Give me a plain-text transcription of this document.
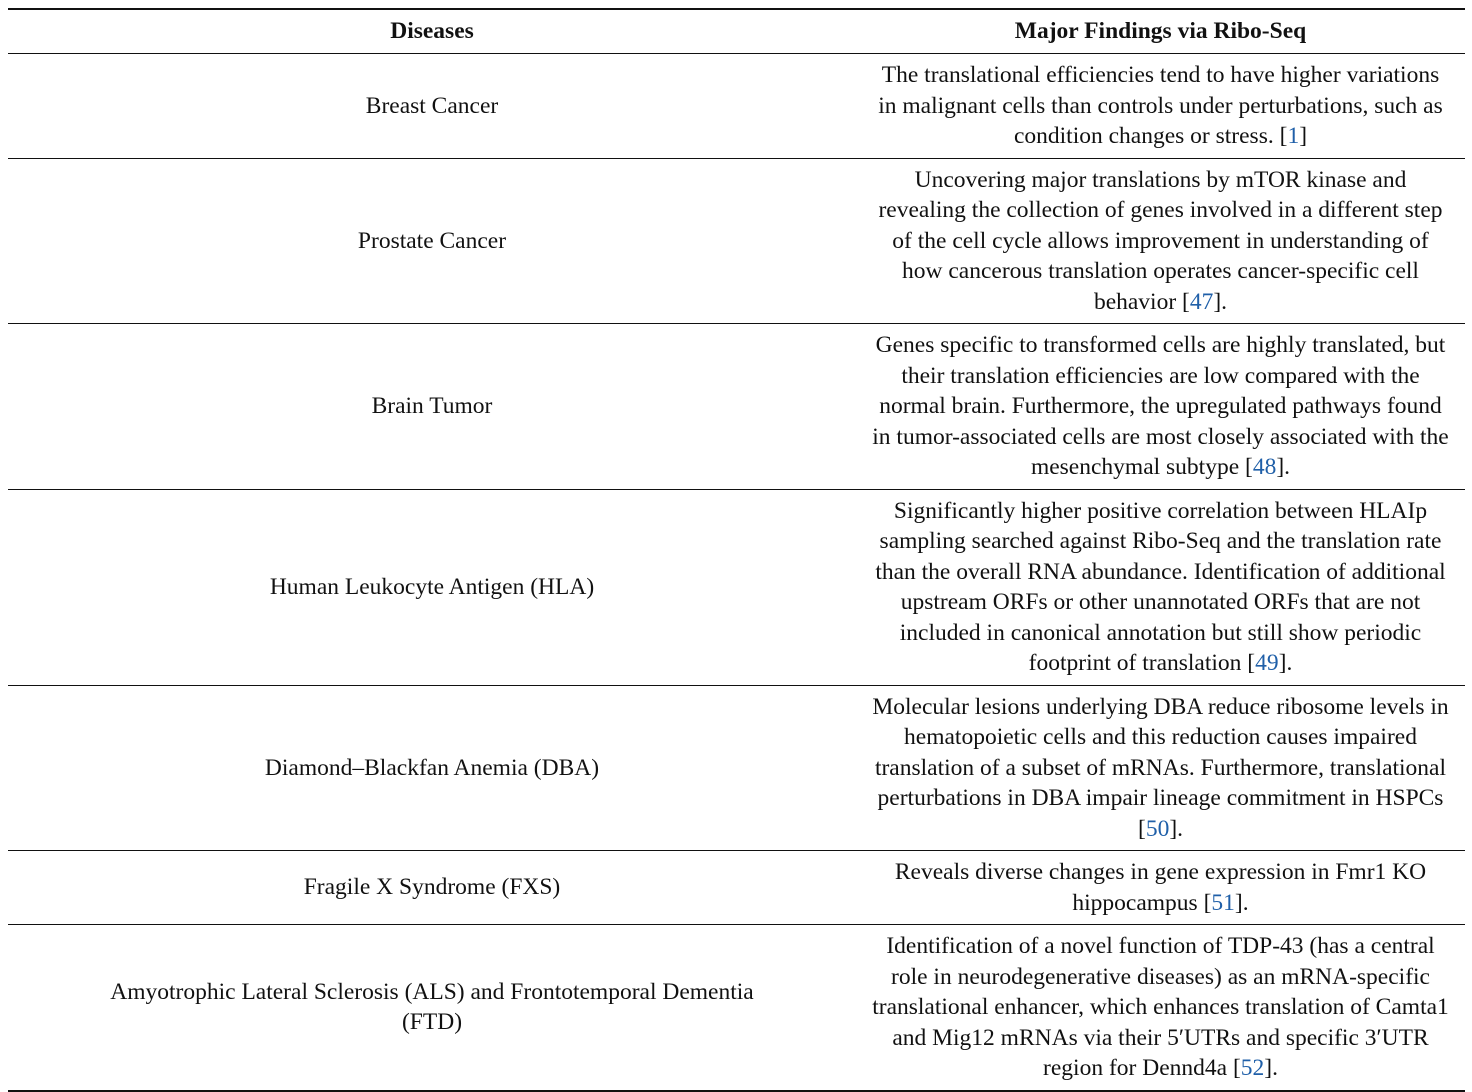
Diseases	Major Findings via Ribo-Seq
Breast Cancer	The translational efficiencies tend to have higher variations in malignant cells than controls under perturbations, such as condition changes or stress. [1]
Prostate Cancer	Uncovering major translations by mTOR kinase and revealing the collection of genes involved in a different step of the cell cycle allows improvement in understanding of how cancerous translation operates cancer-specific cell behavior [47].
Brain Tumor	Genes specific to transformed cells are highly translated, but their translation efficiencies are low compared with the normal brain. Furthermore, the upregulated pathways found in tumor-associated cells are most closely associated with the mesenchymal subtype [48].
Human Leukocyte Antigen (HLA)	Significantly higher positive correlation between HLAIp sampling searched against Ribo-Seq and the translation rate than the overall RNA abundance. Identification of additional upstream ORFs or other unannotated ORFs that are not included in canonical annotation but still show periodic footprint of translation [49].
Diamond–Blackfan Anemia (DBA)	Molecular lesions underlying DBA reduce ribosome levels in hematopoietic cells and this reduction causes impaired translation of a subset of mRNAs. Furthermore, translational perturbations in DBA impair lineage commitment in HSPCs [50].
Fragile X Syndrome (FXS)	Reveals diverse changes in gene expression in Fmr1 KO hippocampus [51].
Amyotrophic Lateral Sclerosis (ALS) and Frontotemporal Dementia (FTD)	Identification of a novel function of TDP-43 (has a central role in neurodegenerative diseases) as an mRNA-specific translational enhancer, which enhances translation of Camta1 and Mig12 mRNAs via their 5′UTRs and specific 3′UTR region for Dennd4a [52].
